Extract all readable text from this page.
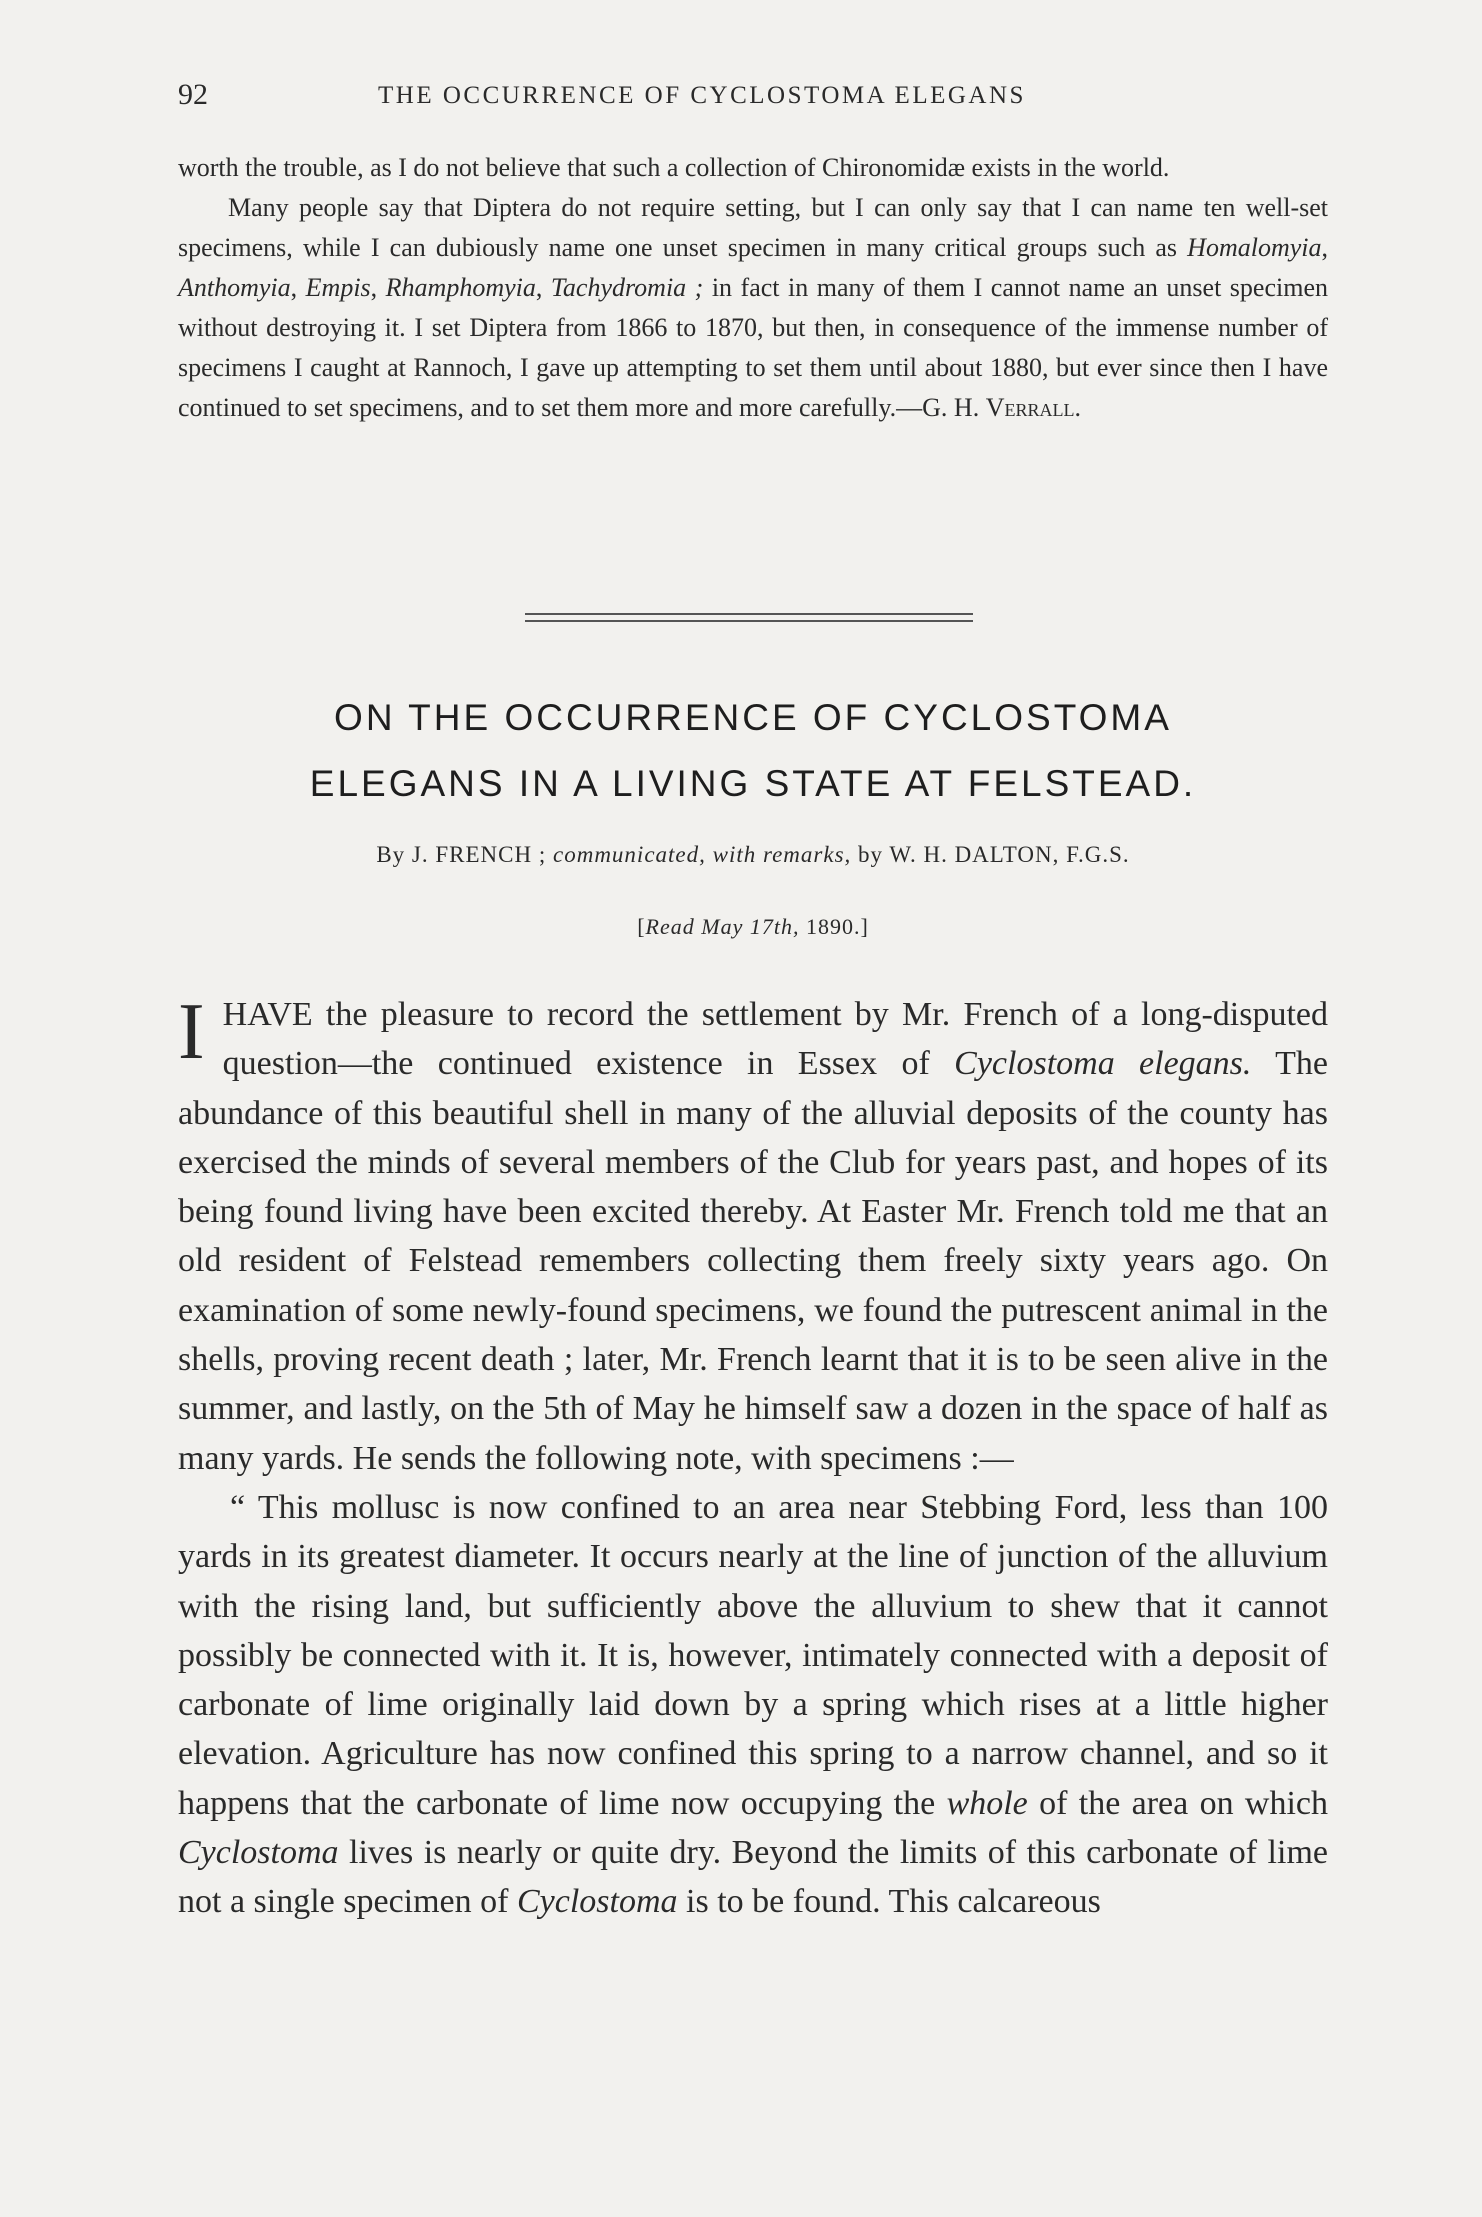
92	THE OCCURRENCE OF CYCLOSTOMA ELEGANS

worth the trouble, as I do not believe that such a collection of Chironomidæ exists in the world.

Many people say that Diptera do not require setting, but I can only say that I can name ten well-set specimens, while I can dubiously name one unset specimen in many critical groups such as Homalomyia, Anthomyia, Empis, Rhamphomyia, Tachydromia ; in fact in many of them I cannot name an unset specimen without destroying it. I set Diptera from 1866 to 1870, but then, in consequence of the immense number of specimens I caught at Rannoch, I gave up attempting to set them until about 1880, but ever since then I have continued to set specimens, and to set them more and more carefully.—G. H. Verrall.

ON THE OCCURRENCE OF CYCLOSTOMA
ELEGANS IN A LIVING STATE AT FELSTEAD.
By J. FRENCH ; communicated, with remarks, by W. H. DALTON, F.G.S.
[Read May 17th, 1890.]

IHAVE the pleasure to record the settlement by Mr. French of a long-disputed question—the continued existence in Essex of Cyclostoma elegans. The abundance of this beautiful shell in many of the alluvial deposits of the county has exercised the minds of several members of the Club for years past, and hopes of its being found living have been excited thereby. At Easter Mr. French told me that an old resident of Felstead remembers collecting them freely sixty years ago. On examination of some newly-found specimens, we found the putrescent animal in the shells, proving recent death ; later, Mr. French learnt that it is to be seen alive in the summer, and lastly, on the 5th of May he himself saw a dozen in the space of half as many yards. He sends the following note, with specimens :—

“ This mollusc is now confined to an area near Stebbing Ford, less than 100 yards in its greatest diameter. It occurs nearly at the line of junction of the alluvium with the rising land, but sufficiently above the alluvium to shew that it cannot possibly be connected with it. It is, however, intimately connected with a deposit of carbonate of lime originally laid down by a spring which rises at a little higher elevation. Agriculture has now confined this spring to a narrow channel, and so it happens that the carbonate of lime now occupying the whole of the area on which Cyclostoma lives is nearly or quite dry. Beyond the limits of this carbonate of lime not a single specimen of Cyclostoma is to be found. This calcareous
